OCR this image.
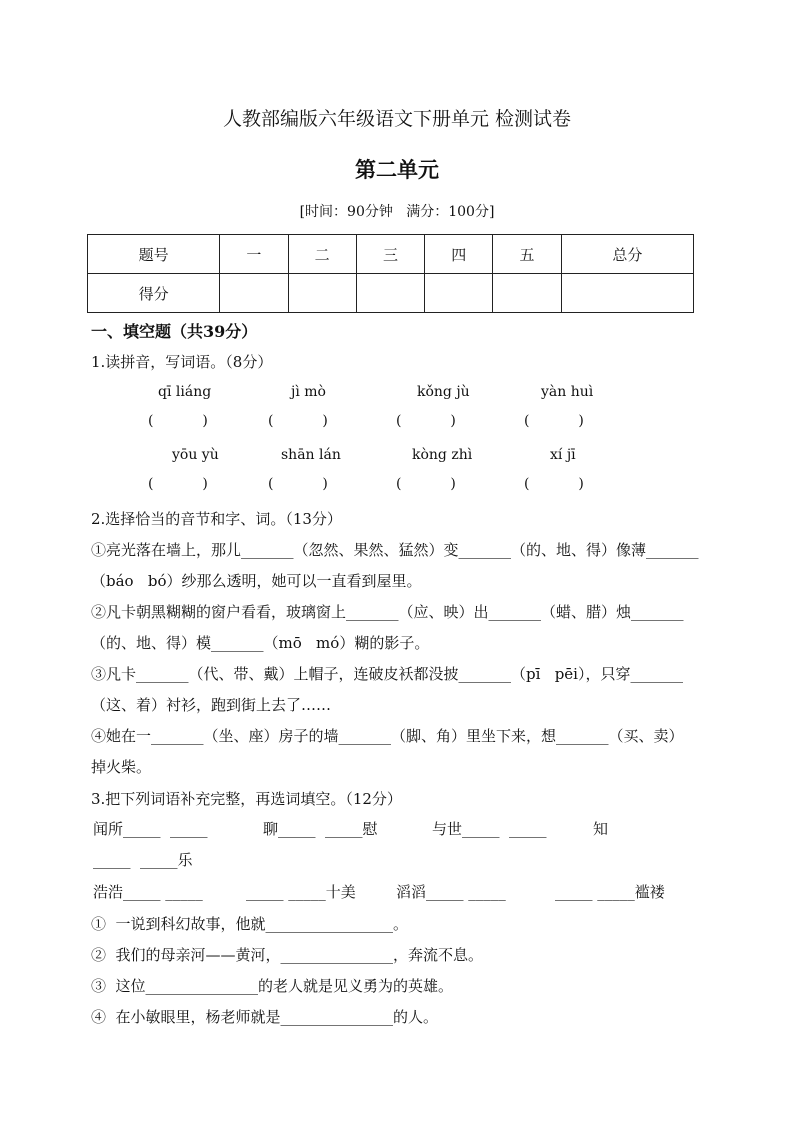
人教部编版六年级语文下册单元 检测试卷
第二单元
[时间：90分钟   满分：100分]
题号	一	二	三	四	五	总分
得分						
一、填空题（共39分）
1.读拼音，写词语。（8分）
qī liáng	jì mò	kǒng jù	yàn huì
(           )	(           )	(           )	(           )
yōu yù	shān lán	kòng zhì	xí jī
(           )	(           )	(           )	(           )
2.选择恰当的音节和字、词。（13分）
①亮光落在墙上，那儿_______（忽然、果然、猛然）变_______（的、地、得）像薄_______
（báo   bó）纱那么透明，她可以一直看到屋里。
②凡卡朝黑糊糊的窗户看看，玻璃窗上_______（应、映）出_______（蜡、腊）烛_______
（的、地、得）模_______（mō   mó）糊的影子。
③凡卡_______（代、带、戴）上帽子，连破皮袄都没披_______（pī   pēi），只穿_______
（这、着）衬衫，跑到街上去了……
④她在一_______（坐、座）房子的墙_______（脚、角）里坐下来，想_______（买、卖）
掉火柴。
3.把下列词语补充完整，再选词填空。（12分）
闻所_____  _____	聊_____  _____慰	与世_____  _____	知
_____  _____乐
浩浩_____ _____	_____ _____十美	滔滔_____ _____	_____ _____褴褛
①  一说到科幻故事，他就_________________。
②  我们的母亲河——黄河，_______________，奔流不息。
③  这位_______________的老人就是见义勇为的英雄。
④  在小敏眼里，杨老师就是_______________的人。
